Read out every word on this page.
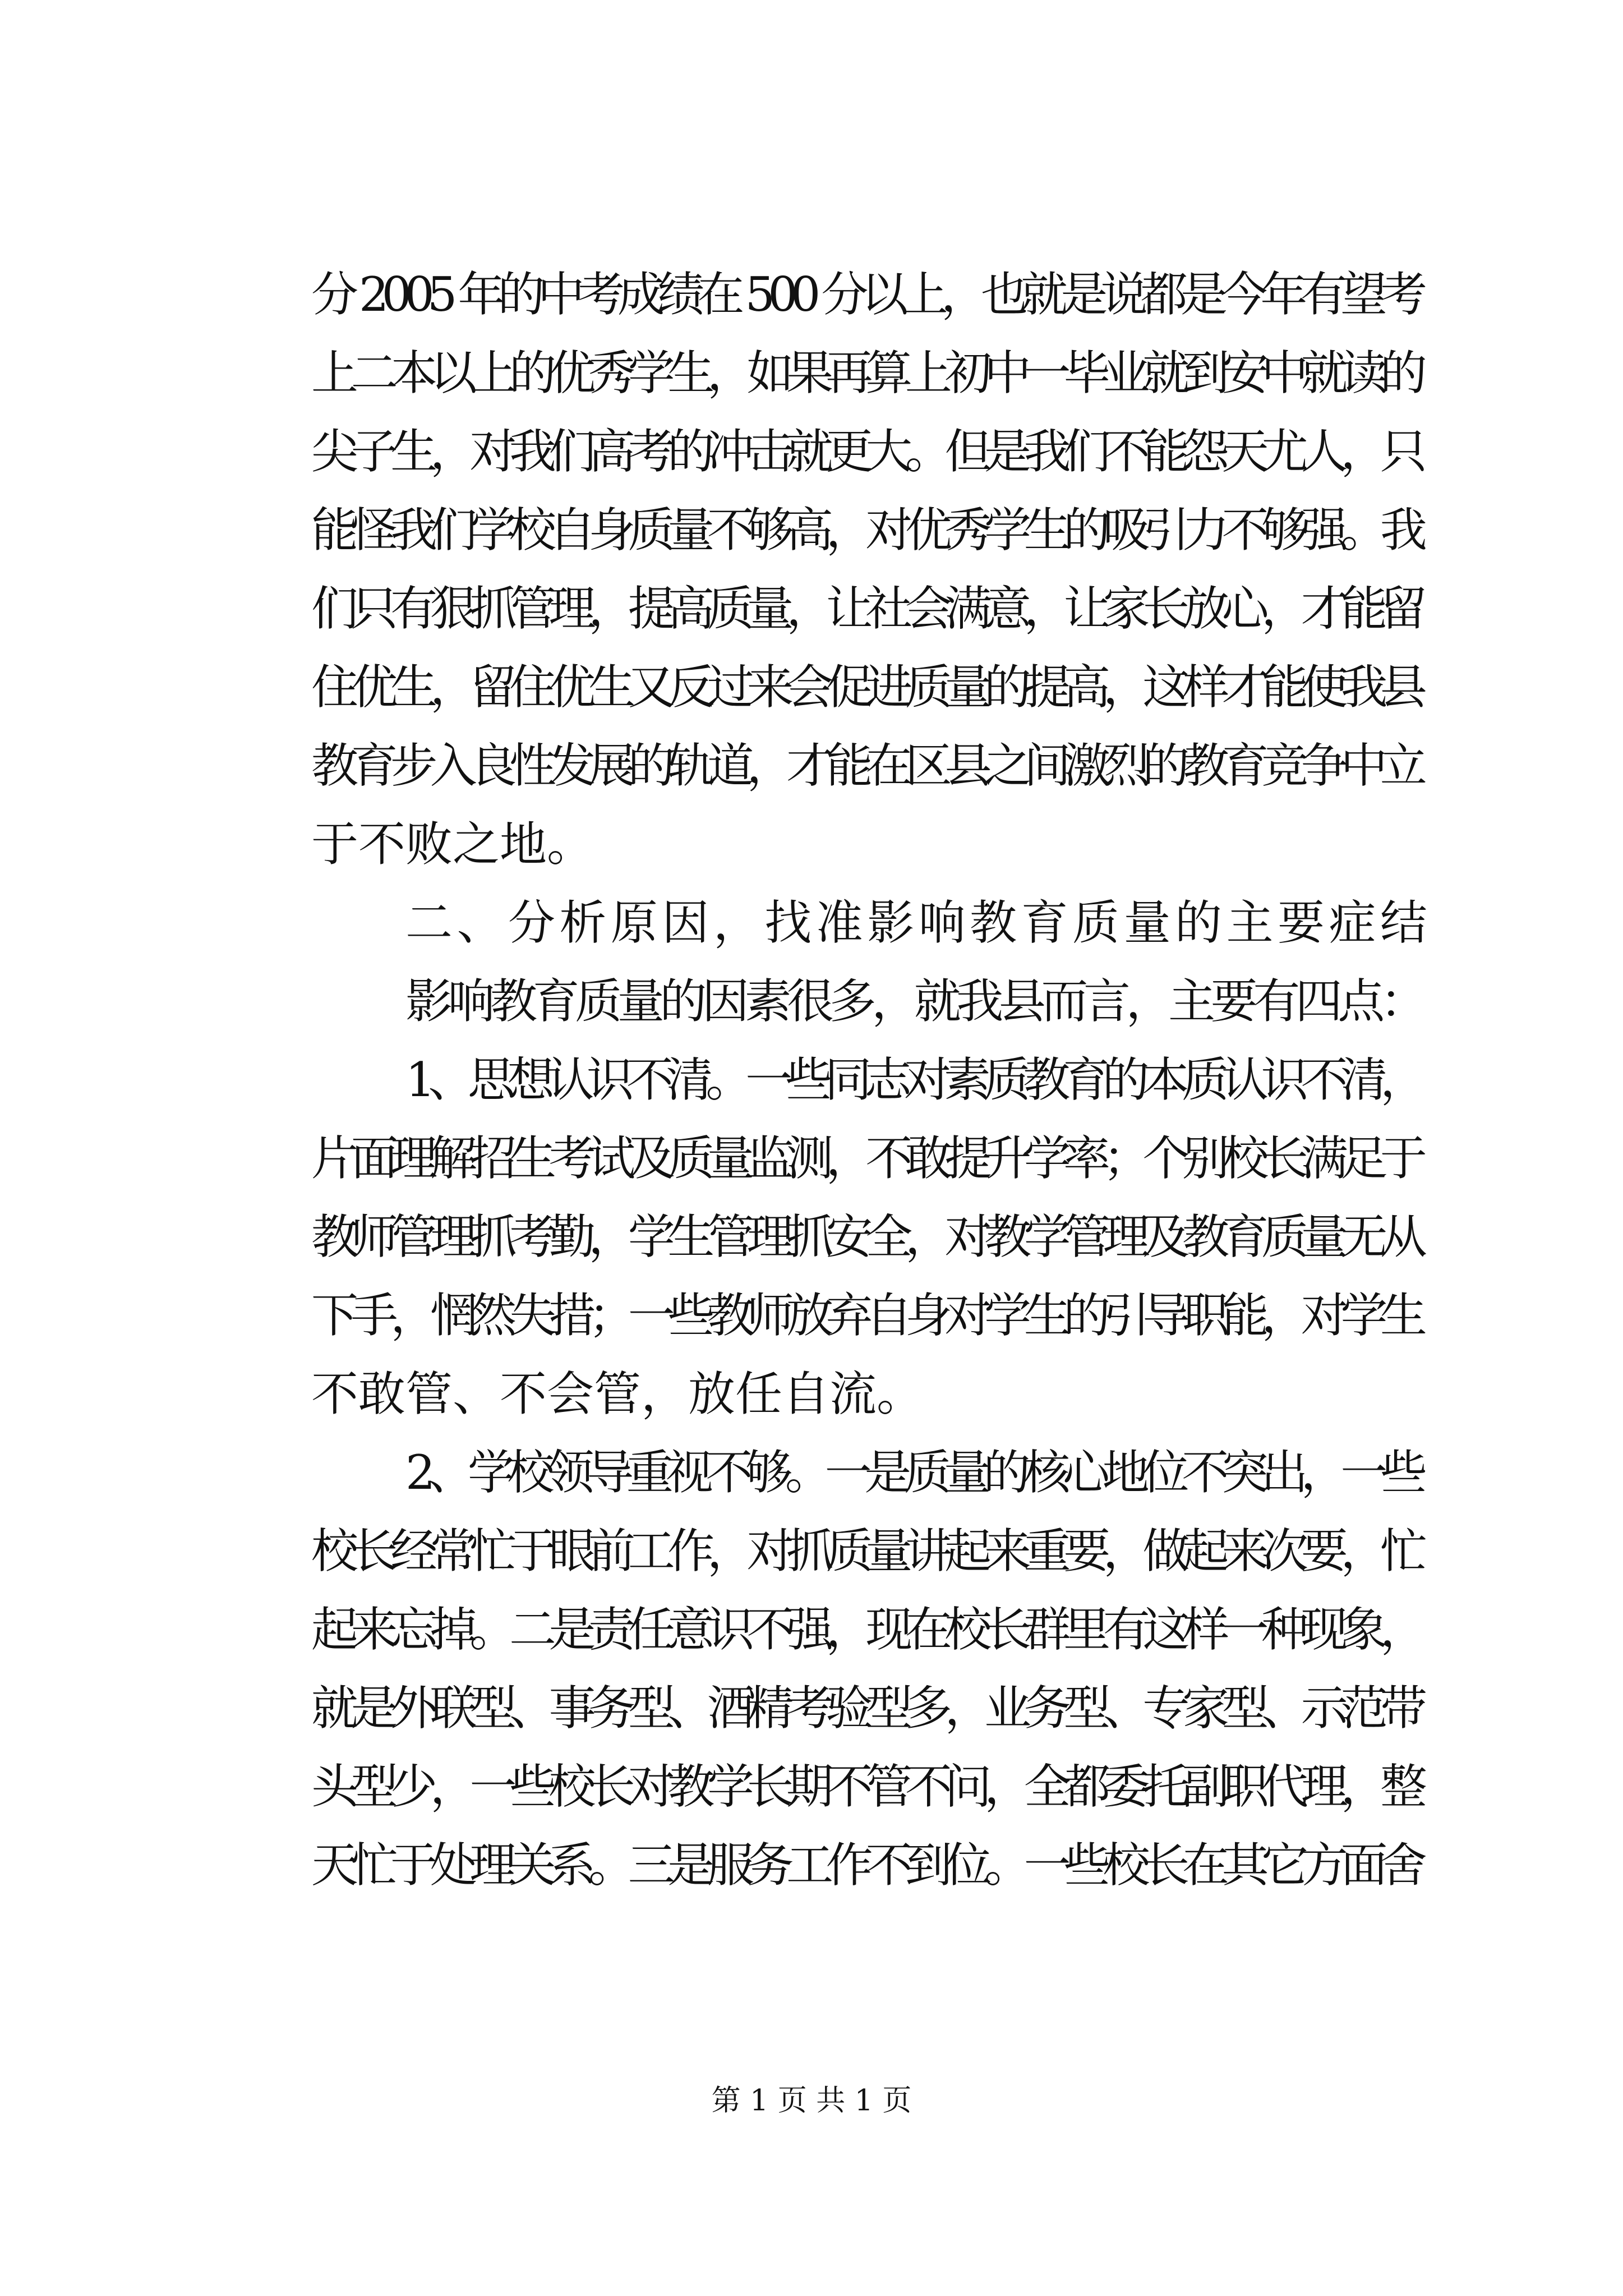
分 2005 年的中考成绩在 500 分以上，也就是说都是今年有望考
上二本以上的优秀学生，如果再算上初中一毕业就到安中就读的
尖子生，对我们高考的冲击就更大。但是我们不能怨天尤人，只
能怪我们学校自身质量不够高，对优秀学生的吸引力不够强。我
们只有狠抓管理，提高质量，让社会满意，让家长放心，才能留
住优生，留住优生又反过来会促进质量的提高，这样才能使我县
教育步入良性发展的轨道，才能在区县之间激烈的教育竞争中立
于不败之地。
二、分析原因，找准影响教育质量的主要症结
影响教育质量的因素很多，就我县而言，主要有四点：
1、思想认识不清。一些同志对素质教育的本质认识不清，
片面理解招生考试及质量监测，不敢提升学率；个别校长满足于
教师管理抓考勤，学生管理抓安全，对教学管理及教育质量无从
下手，惘然失措；一些教师放弃自身对学生的引导职能，对学生
不敢管、不会管，放任自流。
2、学校领导重视不够。一是质量的核心地位不突出，一些
校长经常忙于眼前工作，对抓质量讲起来重要，做起来次要，忙
起来忘掉。二是责任意识不强，现在校长群里有这样一种现象，
就是外联型、事务型、酒精考验型多，业务型、专家型、示范带
头型少，一些校长对教学长期不管不问，全都委托副职代理，整
天忙于处理关系。三是服务工作不到位。一些校长在其它方面舍
第 1 页 共 1 页
